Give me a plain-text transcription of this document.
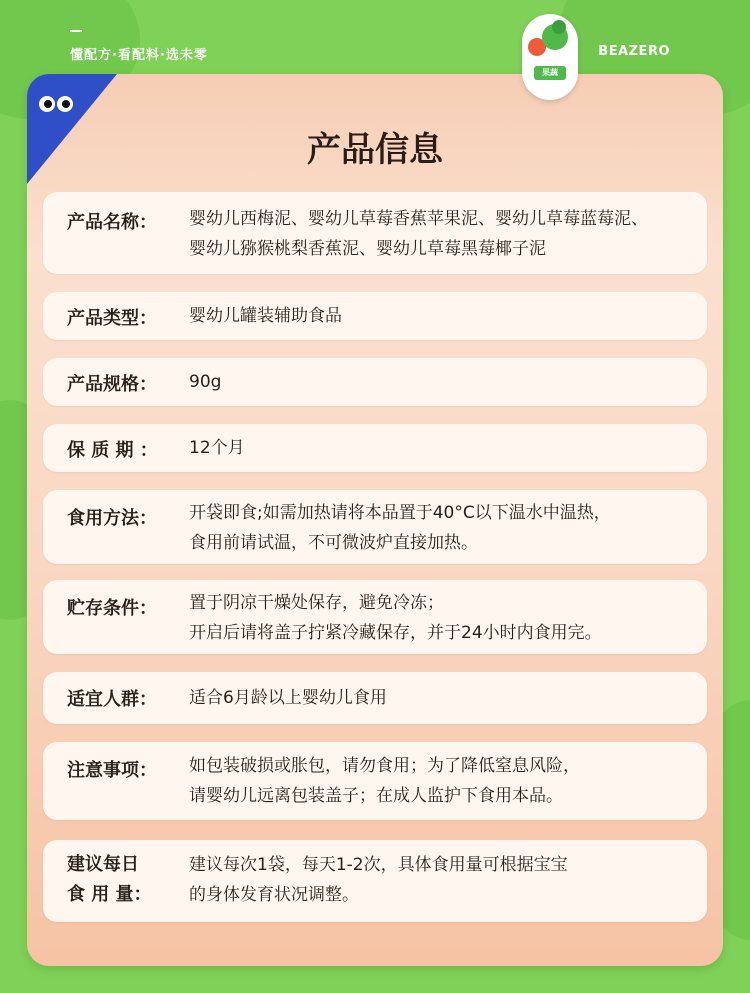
懂配方·看配料·选未零	BEAZERO
果蔬
产品信息
产品名称： 婴幼儿西梅泥、婴幼儿草莓香蕉苹果泥、婴幼儿草莓蓝莓泥、
婴幼儿猕猴桃梨香蕉泥、婴幼儿草莓黑莓椰子泥
产品类型： 婴幼儿罐装辅助食品
产品规格： 90g
保 质 期 ： 12个月
食用方法： 开袋即食;如需加热请将本品置于40°C以下温水中温热，
食用前请试温，不可微波炉直接加热。
贮存条件： 置于阴凉干燥处保存，避免冷冻；
开启后请将盖子拧紧冷藏保存，并于24小时内食用完。
适宜人群： 适合6月龄以上婴幼儿食用
注意事项： 如包装破损或胀包，请勿食用；为了降低窒息风险，
请婴幼儿远离包装盖子；在成人监护下食用本品。
建议每日
食 用 量：
建议每次1袋，每天1-2次，具体食用量可根据宝宝
的身体发育状况调整。
